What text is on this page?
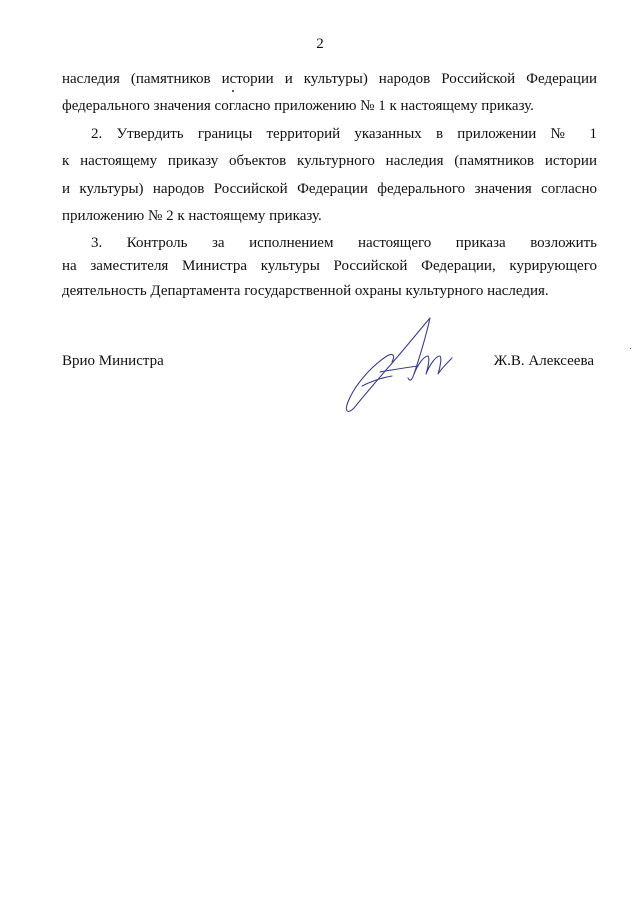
2
наследия (памятников истории и культуры) народов Российской Федерации
федерального значения согласно приложению № 1 к настоящему приказу.
2. Утвердить границы территорий указанных в приложении № 1
к настоящему приказу объектов культурного наследия (памятников истории
и культуры) народов Российской Федерации федерального значения согласно
приложению № 2 к настоящему приказу.
3. Контроль за исполнением настоящего приказа возложить
на заместителя Министра культуры Российской Федерации, курирующего
деятельность Департамента государственной охраны культурного наследия.
Врио Министра	Ж.В. Алексеева
